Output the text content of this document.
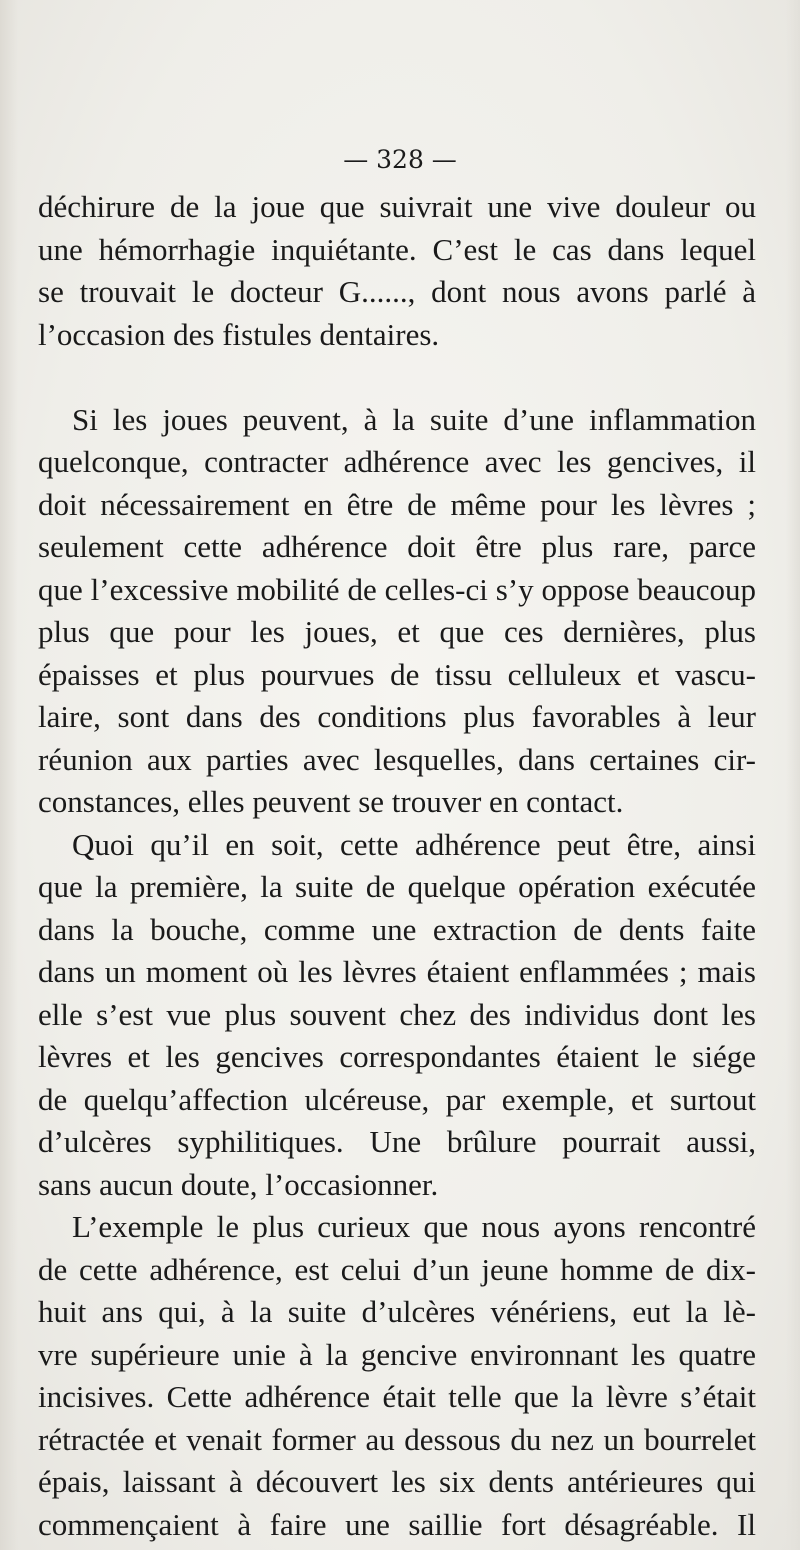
— 328 —
déchirure de la joue que suivrait une vive douleur ou
une hémorrhagie inquiétante. C’est le cas dans lequel
se trouvait le docteur G......, dont nous avons parlé à
l’occasion des fistules dentaires.
Si les joues peuvent, à la suite d’une inflammation
quelconque, contracter adhérence avec les gencives, il
doit nécessairement en être de même pour les lèvres ;
seulement cette adhérence doit être plus rare, parce
que l’excessive mobilité de celles-ci s’y oppose beaucoup
plus que pour les joues, et que ces dernières, plus
épaisses et plus pourvues de tissu celluleux et vascu-
laire, sont dans des conditions plus favorables à leur
réunion aux parties avec lesquelles, dans certaines cir-
constances, elles peuvent se trouver en contact.
Quoi qu’il en soit, cette adhérence peut être, ainsi
que la première, la suite de quelque opération exécutée
dans la bouche, comme une extraction de dents faite
dans un moment où les lèvres étaient enflammées ; mais
elle s’est vue plus souvent chez des individus dont les
lèvres et les gencives correspondantes étaient le siége
de quelqu’affection ulcéreuse, par exemple, et surtout
d’ulcères syphilitiques. Une brûlure pourrait aussi,
sans aucun doute, l’occasionner.
L’exemple le plus curieux que nous ayons rencontré
de cette adhérence, est celui d’un jeune homme de dix-
huit ans qui, à la suite d’ulcères vénériens, eut la lè-
vre supérieure unie à la gencive environnant les quatre
incisives. Cette adhérence était telle que la lèvre s’était
rétractée et venait former au dessous du nez un bourrelet
épais, laissant à découvert les six dents antérieures qui
commençaient à faire une saillie fort désagréable. Il
